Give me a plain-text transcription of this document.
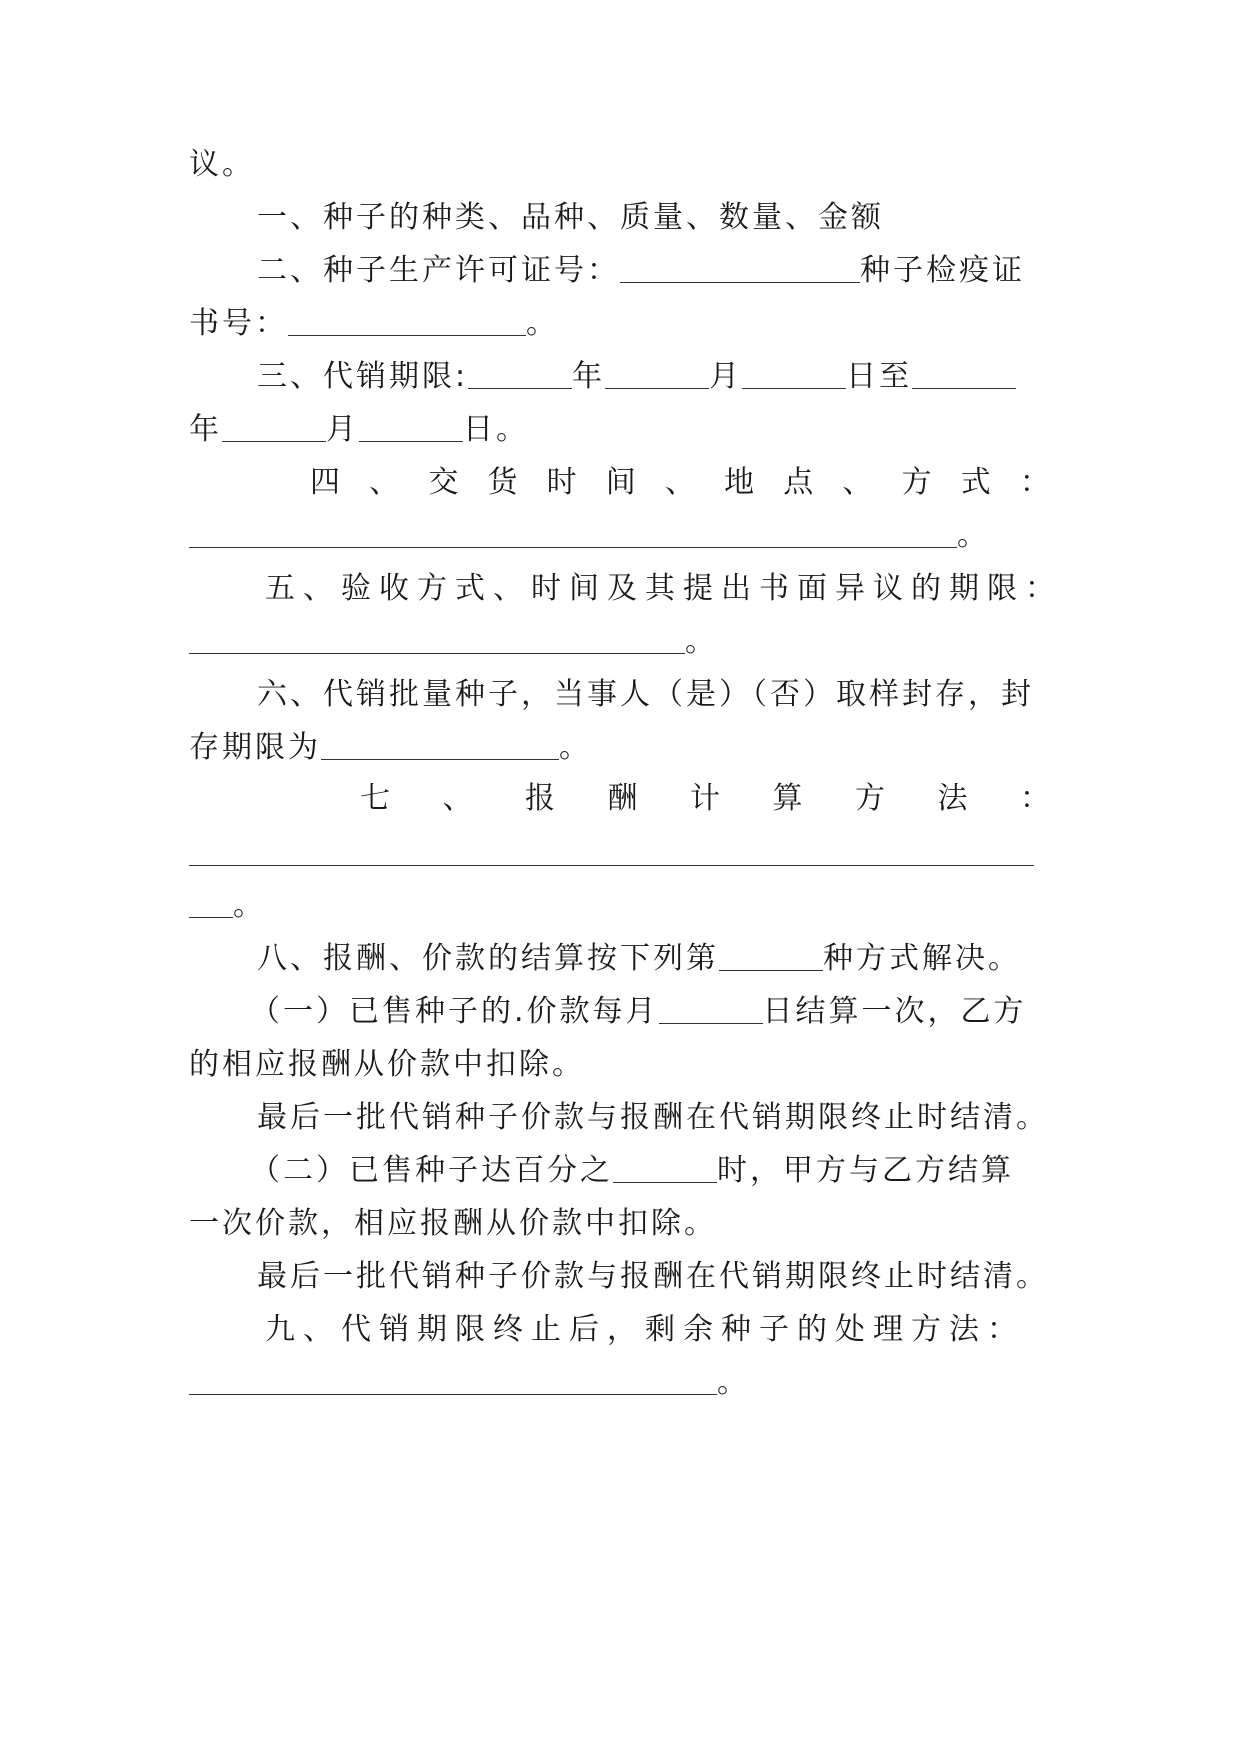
议。
一、种子的种类、品种、质量、数量、金额
二、种子生产许可证号：	种子检疫证
书号：	。
三、代销期限:	年	月	日至
年	月	日。
四 、 交 货 时 间 、 地 点 、 方 式 ：
。
五、验收方式、时间及其提出书面异议的期限：
。
六、代销批量种子，当事人（是）（否）取样封存，封
存期限为	。
七 、 报 酬 计 算 方 法 ：
。
八、报酬、价款的结算按下列第	种方式解决。
（一）已售种子的.价款每月	日结算一次，乙方
的相应报酬从价款中扣除。
最后一批代销种子价款与报酬在代销期限终止时结清。
（二）已售种子达百分之	时，甲方与乙方结算
一次价款，相应报酬从价款中扣除。
最后一批代销种子价款与报酬在代销期限终止时结清。
九、代销期限终止后，剩余种子的处理方法：
。
